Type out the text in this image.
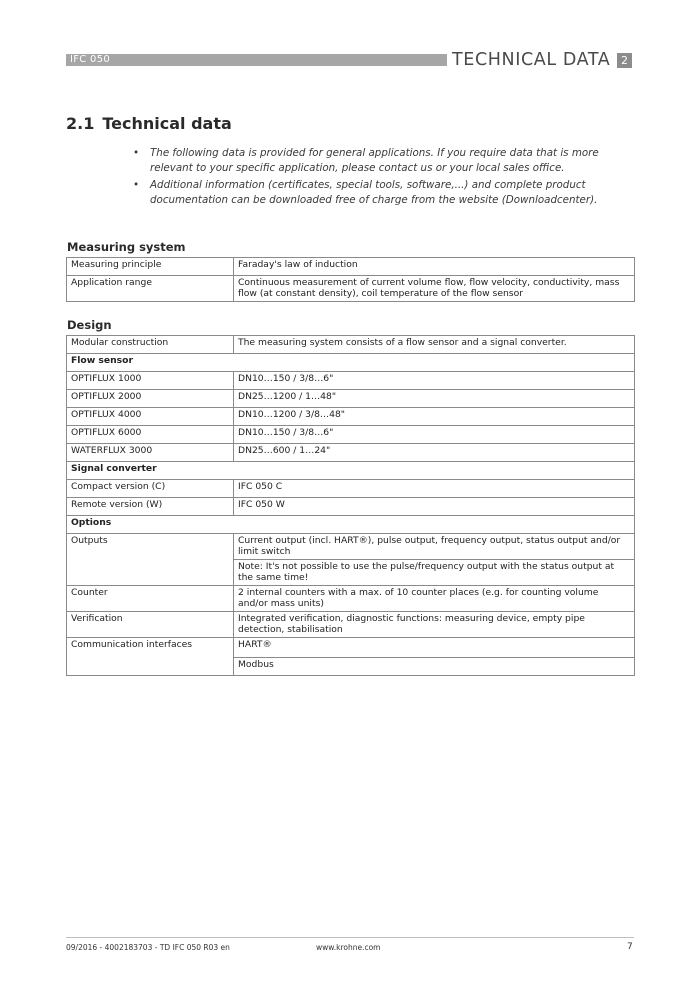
IFC 050	TECHNICAL DATA 2
2.1 Technical data
• The following data is provided for general applications. If you require data that is more relevant to your specific application, please contact us or your local sales office.
• Additional information (certificates, special tools, software,...) and complete product documentation can be downloaded free of charge from the website (Downloadcenter).
Measuring system
Measuring principle	Faraday's law of induction
Application range	Continuous measurement of current volume flow, flow velocity, conductivity, mass flow (at constant density), coil temperature of the flow sensor
Design
Modular construction	The measuring system consists of a flow sensor and a signal converter.
Flow sensor	
OPTIFLUX 1000	DN10…150 / 3/8…6"
OPTIFLUX 2000	DN25…1200 / 1…48"
OPTIFLUX 4000	DN10…1200 / 3/8…48"
OPTIFLUX 6000	DN10…150 / 3/8…6"
WATERFLUX 3000	DN25…600 / 1…24"
Signal converter	
Compact version (C)	IFC 050 C
Remote version (W)	IFC 050 W
Options	
Outputs	Current output (incl. HART®), pulse output, frequency output, status output and/or limit switch
	Note: It's not possible to use the pulse/frequency output with the status output at the same time!
Counter	2 internal counters with a max. of 10 counter places (e.g. for counting volume and/or mass units)
Verification	Integrated verification, diagnostic functions: measuring device, empty pipe detection, stabilisation
Communication interfaces	HART®
	Modbus
09/2016 - 4002183703 - TD IFC 050 R03 en	www.krohne.com	7
